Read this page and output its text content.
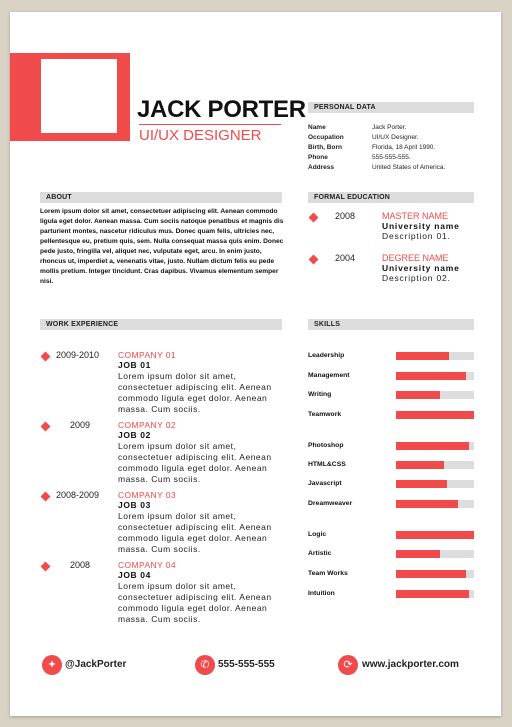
JACK PORTER
UI/UX DESIGNER
PERSONAL DATA
Name	Jack Porter.
Occupation	UI/UX Designer.
Birth, Born	Florida, 18 April 1990.
Phone	555-555-555.
Address	United States of America.
ABOUT
Lorem ipsum dolor sit amet, consectetuer adipiscing elit. Aenean commodo ligula eget dolor. Aenean massa. Cum sociis natoque penatibus et magnis dis parturient montes, nascetur ridiculus mus. Donec quam felis, ultricies nec, pellentesque eu, pretium quis, sem. Nulla consequat massa quis enim. Donec pede justo, fringilla vel, aliquet nec, vulputate eget, arcu. In enim justo, rhoncus ut, imperdiet a, venenatis vitae, justo. Nullam dictum felis eu pede mollis pretium. Integer tincidunt. Cras dapibus. Vivamus elementum semper nisi.
FORMAL EDUCATION
2008	MASTER NAME
University name
Description 01.
2004	DEGREE NAME
University name
Description 02.
WORK EXPERIENCE
2009-2010 COMPANY 01
JOB 01
Lorem ipsum dolor sit amet, consectetuer adipiscing elit. Aenean commodo ligula eget dolor. Aenean massa. Cum sociis.
2009	COMPANY 02
JOB 02
Lorem ipsum dolor sit amet, consectetuer adipiscing elit. Aenean commodo ligula eget dolor. Aenean massa. Cum sociis.
2008-2009 COMPANY 03
JOB 03
Lorem ipsum dolor sit amet, consectetuer adipiscing elit. Aenean commodo ligula eget dolor. Aenean massa. Cum sociis.
2008	COMPANY 04
JOB 04
Lorem ipsum dolor sit amet, consectetuer adipiscing elit. Aenean commodo ligula eget dolor. Aenean massa. Cum sociis.
SKILLS
Leadership
Management
Writing
Teamwork
Photoshop
HTML&CSS
Javascript
Dreamweaver
Logic
Artistic
Team Works
Intuition
✦ @JackPorter	✆ 555-555-555	⟳ www.jackporter.com
